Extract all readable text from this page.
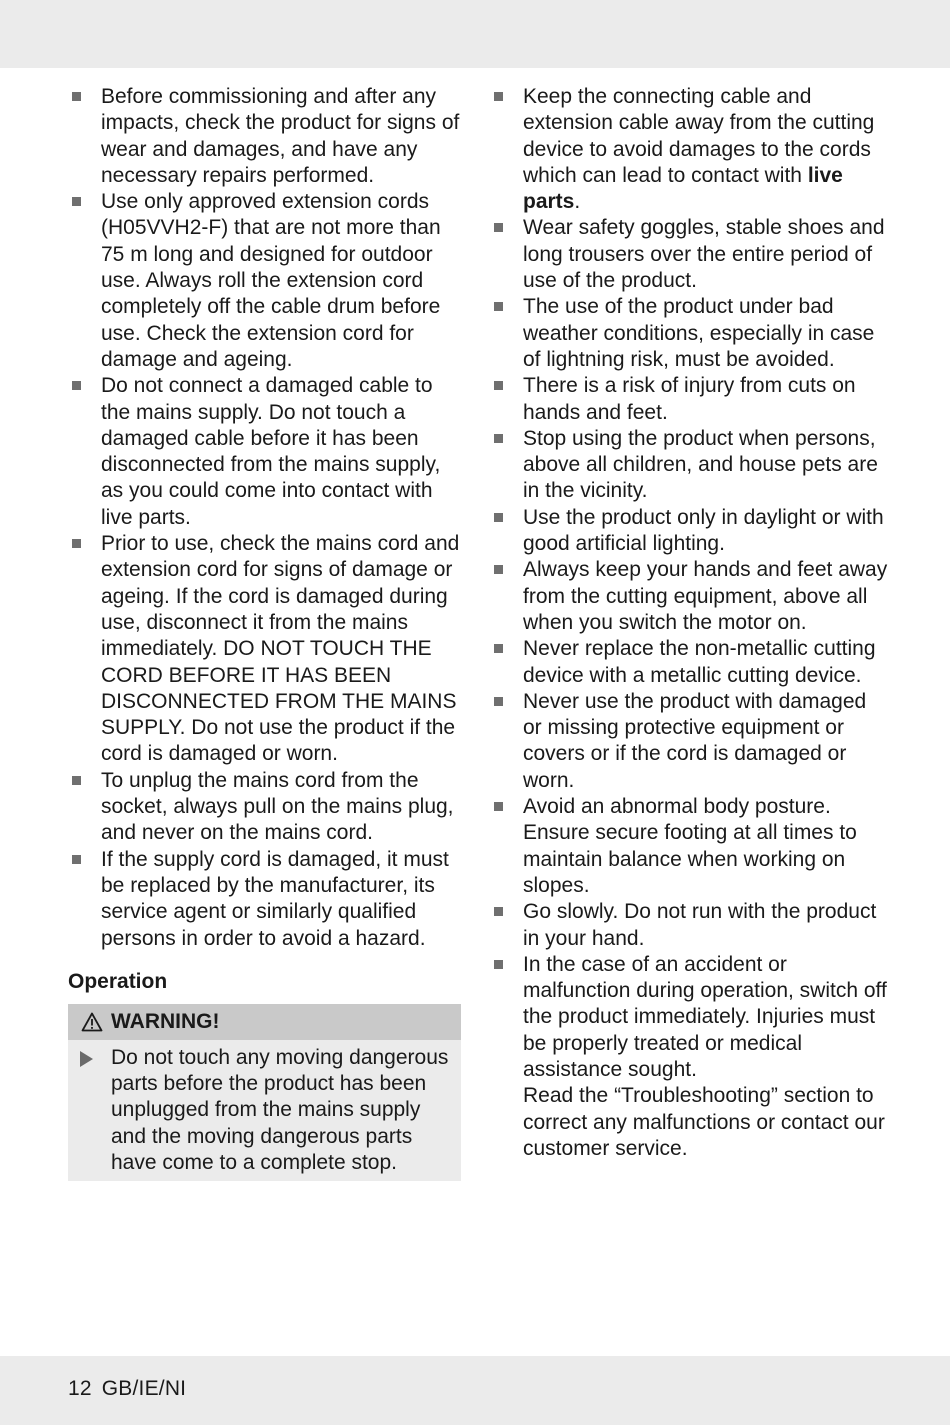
Before commissioning and after any impacts, check the product for signs of wear and damages, and have any necessary repairs performed.
Use only approved extension cords (H05VVH2-F) that are not more than 75 m long and designed for outdoor use. Always roll the extension cord completely off the cable drum before use. Check the extension cord for damage and ageing.
Do not connect a damaged cable to the mains supply. Do not touch a damaged cable before it has been disconnected from the mains supply, as you could come into contact with live parts.
Prior to use, check the mains cord and extension cord for signs of damage or ageing. If the cord is damaged during use, disconnect it from the mains immediately. DO NOT TOUCH THE CORD BEFORE IT HAS BEEN DISCONNECTED FROM THE MAINS SUPPLY. Do not use the product if the cord is damaged or worn.
To unplug the mains cord from the socket, always pull on the mains plug, and never on the mains cord.
If the supply cord is damaged, it must be replaced by the manufacturer, its service agent or similarly qualified persons in order to avoid a hazard.
Operation
WARNING!
Do not touch any moving dangerous parts before the product has been unplugged from the mains supply and the moving dangerous parts have come to a complete stop.
Keep the connecting cable and extension cable away from the cutting device to avoid damages to the cords which can lead to contact with live parts.
Wear safety goggles, stable shoes and long trousers over the entire period of use of the product.
The use of the product under bad weather conditions, especially in case of lightning risk, must be avoided.
There is a risk of injury from cuts on hands and feet.
Stop using the product when persons, above all children, and house pets are in the vicinity.
Use the product only in daylight or with good artificial lighting.
Always keep your hands and feet away from the cutting equipment, above all when you switch the motor on.
Never replace the non-metallic cutting device with a metallic cutting device.
Never use the product with damaged or missing protective equipment or covers or if the cord is damaged or worn.
Avoid an abnormal body posture. Ensure secure footing at all times to maintain balance when working on slopes.
Go slowly. Do not run with the product in your hand.
In the case of an accident or malfunction during operation, switch off the product immediately. Injuries must be properly treated or medical assistance sought.
Read the “Troubleshooting” section to correct any malfunctions or contact our customer service.
12 GB/IE/NI
